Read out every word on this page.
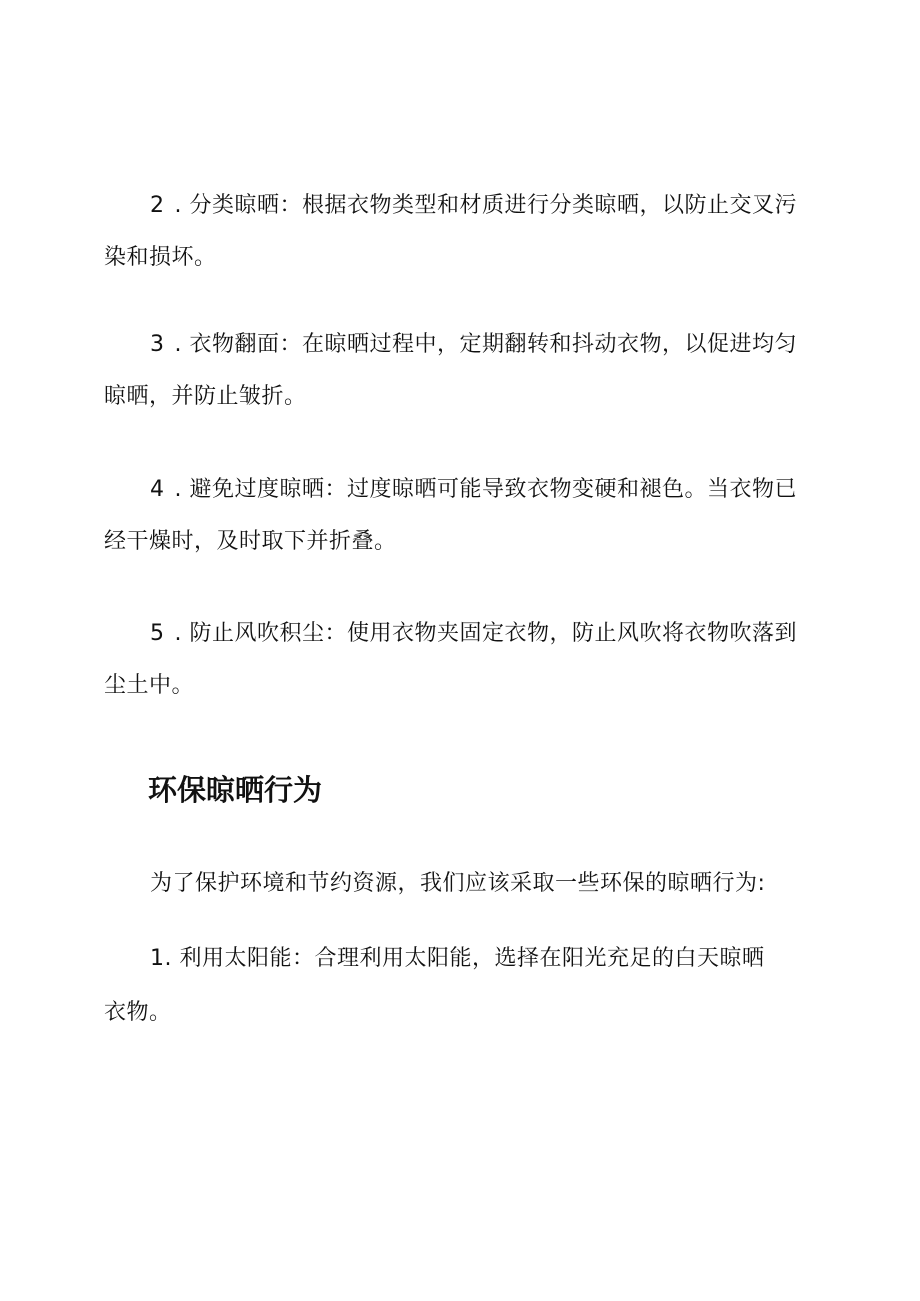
2 . 分类晾晒：根据衣物类型和材质进行分类晾晒，以防止交叉污
染和损坏。

3 . 衣物翻面：在晾晒过程中，定期翻转和抖动衣物，以促进均匀
晾晒，并防止皱折。

4 . 避免过度晾晒：过度晾晒可能导致衣物变硬和褪色。当衣物已
经干燥时，及时取下并折叠。

5 . 防止风吹积尘：使用衣物夹固定衣物，防止风吹将衣物吹落到
尘土中。

环保晾晒行为

为了保护环境和节约资源，我们应该采取一些环保的晾晒行为:

1. 利用太阳能：合理利用太阳能，选择在阳光充足的白天晾晒
衣物。
